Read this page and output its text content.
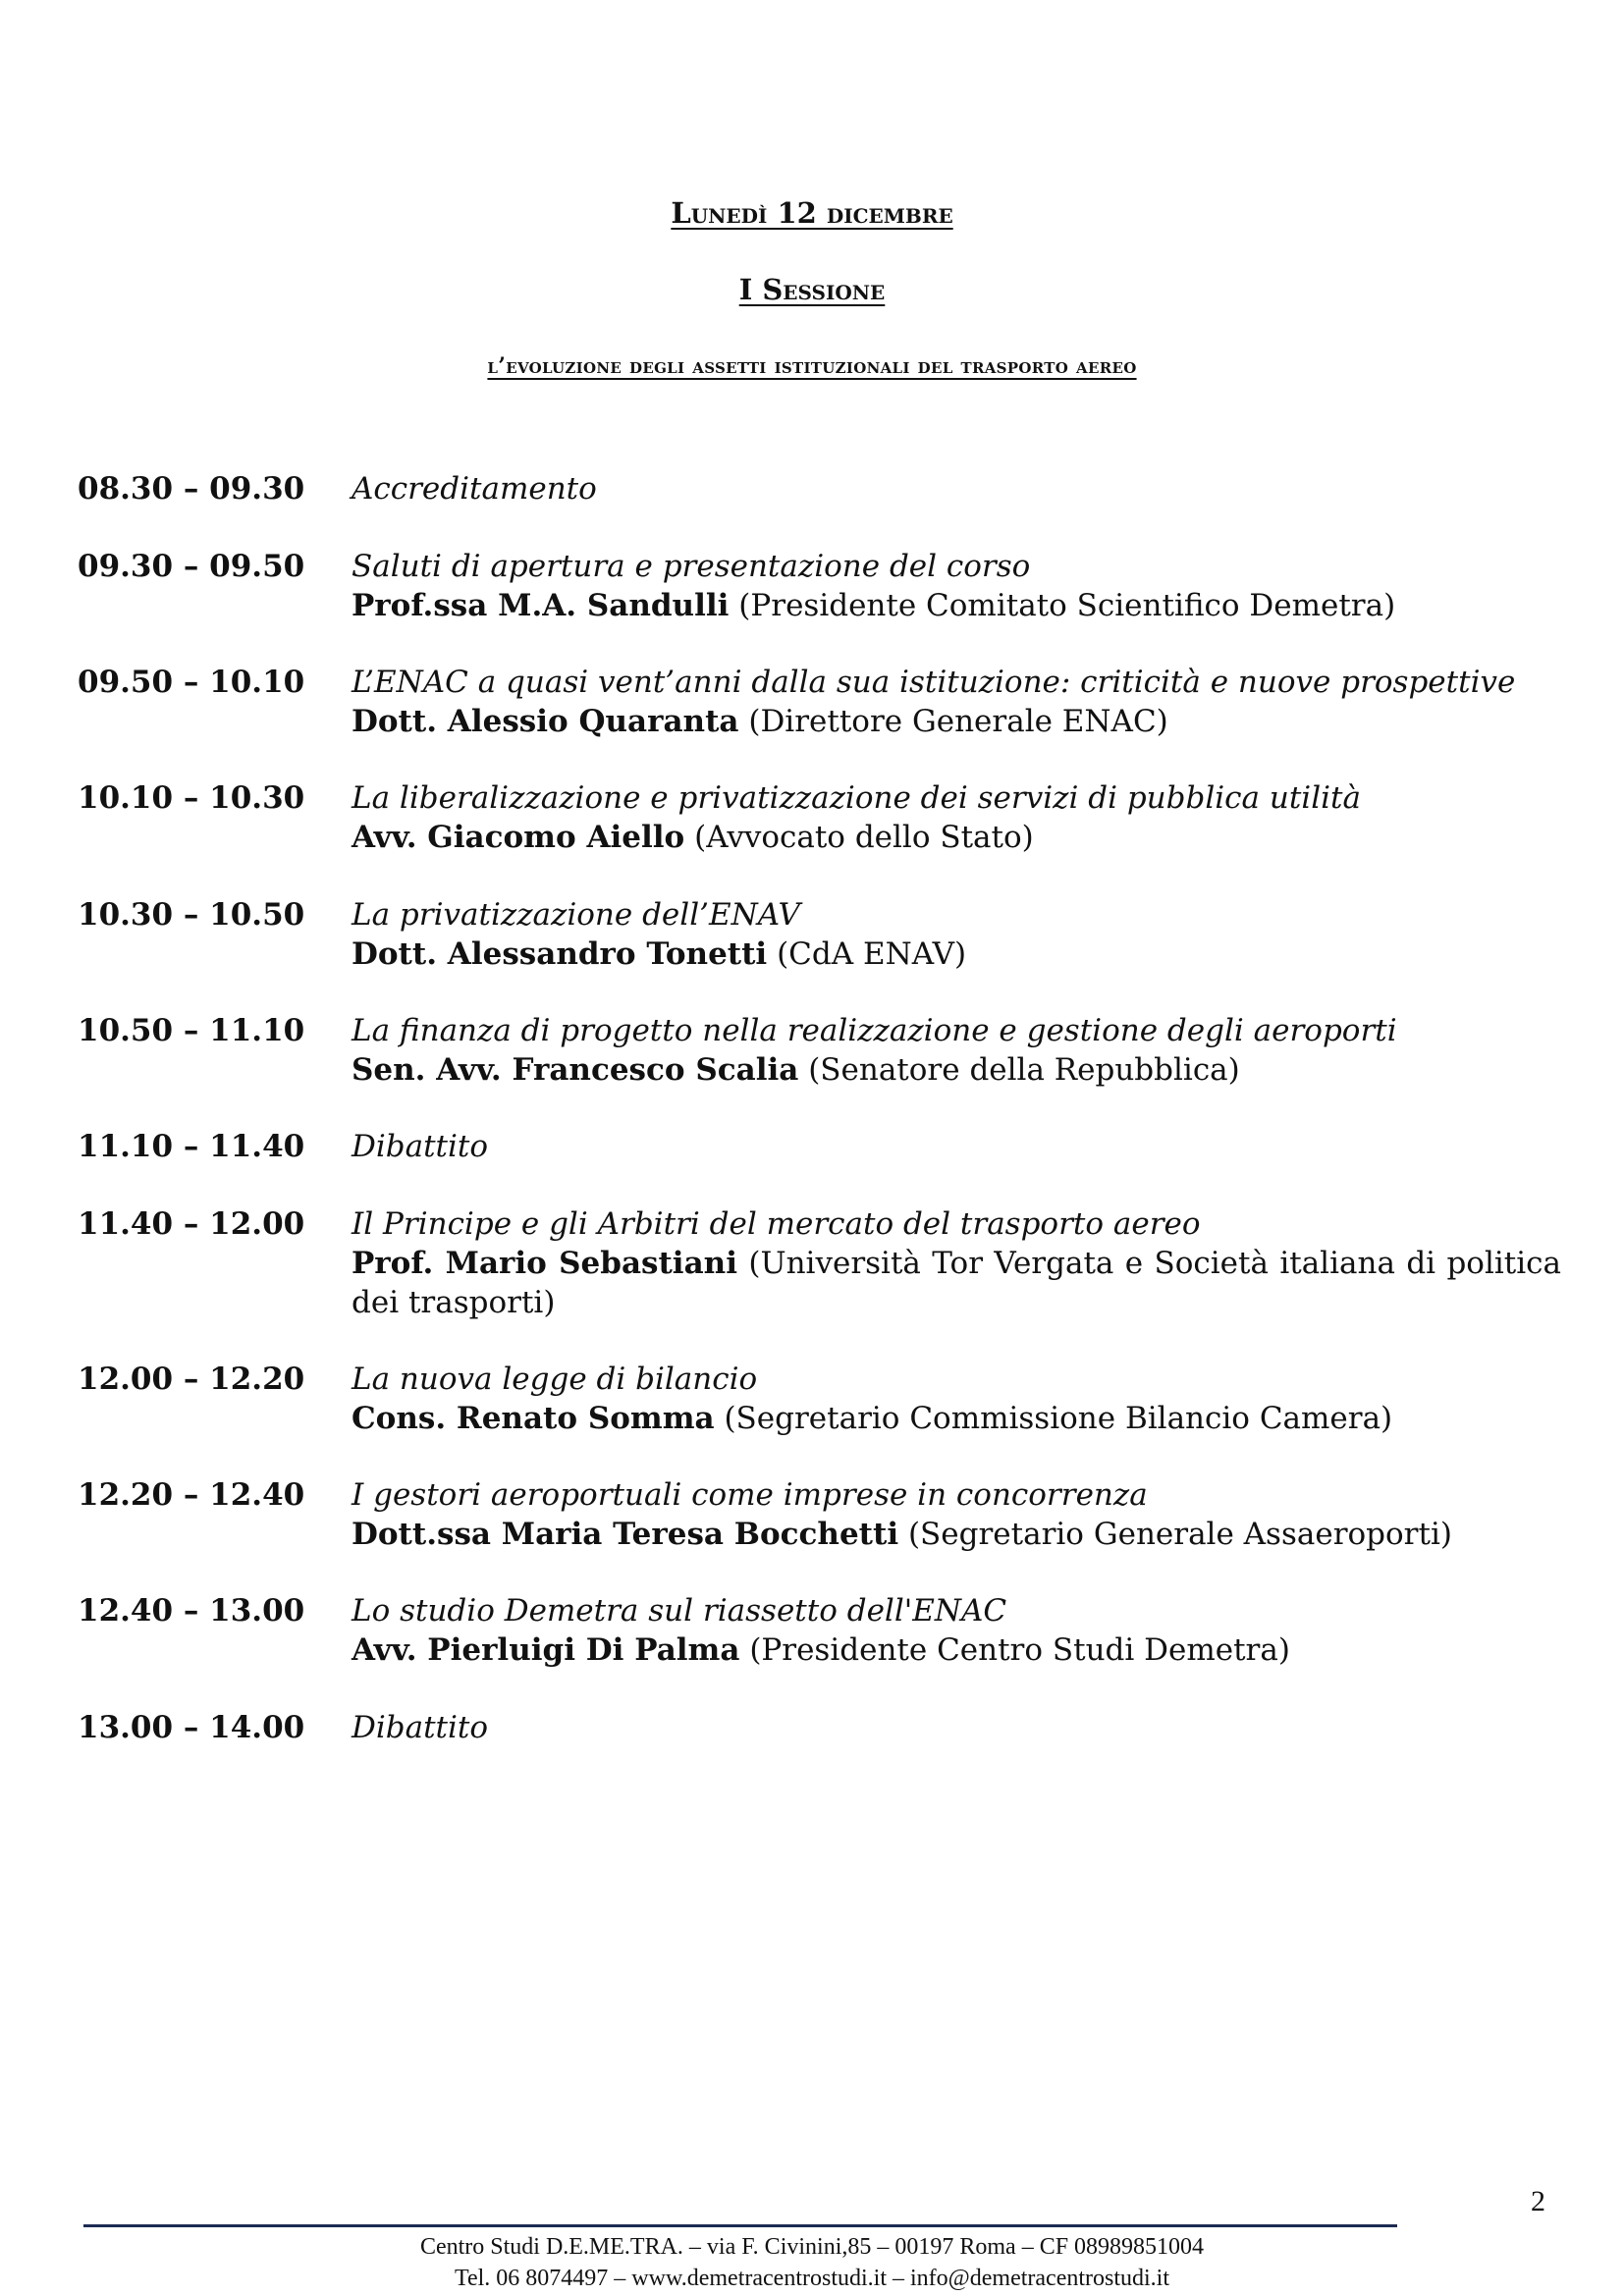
Lunedì 12 dicembre
I Sessione
l’evoluzione degli assetti istituzionali del trasporto aereo
08.30 – 09.30	Accreditamento
09.30 – 09.50	Saluti di apertura e presentazione del corso
Prof.ssa M.A. Sandulli (Presidente Comitato Scientifico Demetra)
09.50 – 10.10	L’ENAC a quasi vent’anni dalla sua istituzione: criticità e nuove prospettive
Dott. Alessio Quaranta (Direttore Generale ENAC)
10.10 – 10.30	La liberalizzazione e privatizzazione dei servizi di pubblica utilità
Avv. Giacomo Aiello (Avvocato dello Stato)
10.30 – 10.50	La privatizzazione dell’ENAV
Dott. Alessandro Tonetti (CdA ENAV)
10.50 – 11.10	La finanza di progetto nella realizzazione e gestione degli aeroporti
Sen. Avv. Francesco Scalia (Senatore della Repubblica)
11.10 – 11.40	Dibattito
11.40 – 12.00	Il Principe e gli Arbitri del mercato del trasporto aereo
Prof. Mario Sebastiani (Università Tor Vergata e Società italiana di politica dei trasporti)
12.00 – 12.20	La nuova legge di bilancio
Cons. Renato Somma (Segretario Commissione Bilancio Camera)
12.20 – 12.40	I gestori aeroportuali come imprese in concorrenza
Dott.ssa Maria Teresa Bocchetti (Segretario Generale Assaeroporti)
12.40 – 13.00	Lo studio Demetra sul riassetto dell'ENAC
Avv. Pierluigi Di Palma (Presidente Centro Studi Demetra)
13.00 – 14.00	Dibattito
2
Centro Studi D.E.ME.TRA. – via F. Civinini,85 – 00197 Roma – CF 08989851004
Tel. 06 8074497 – www.demetracentrostudi.it – info@demetracentrostudi.it
